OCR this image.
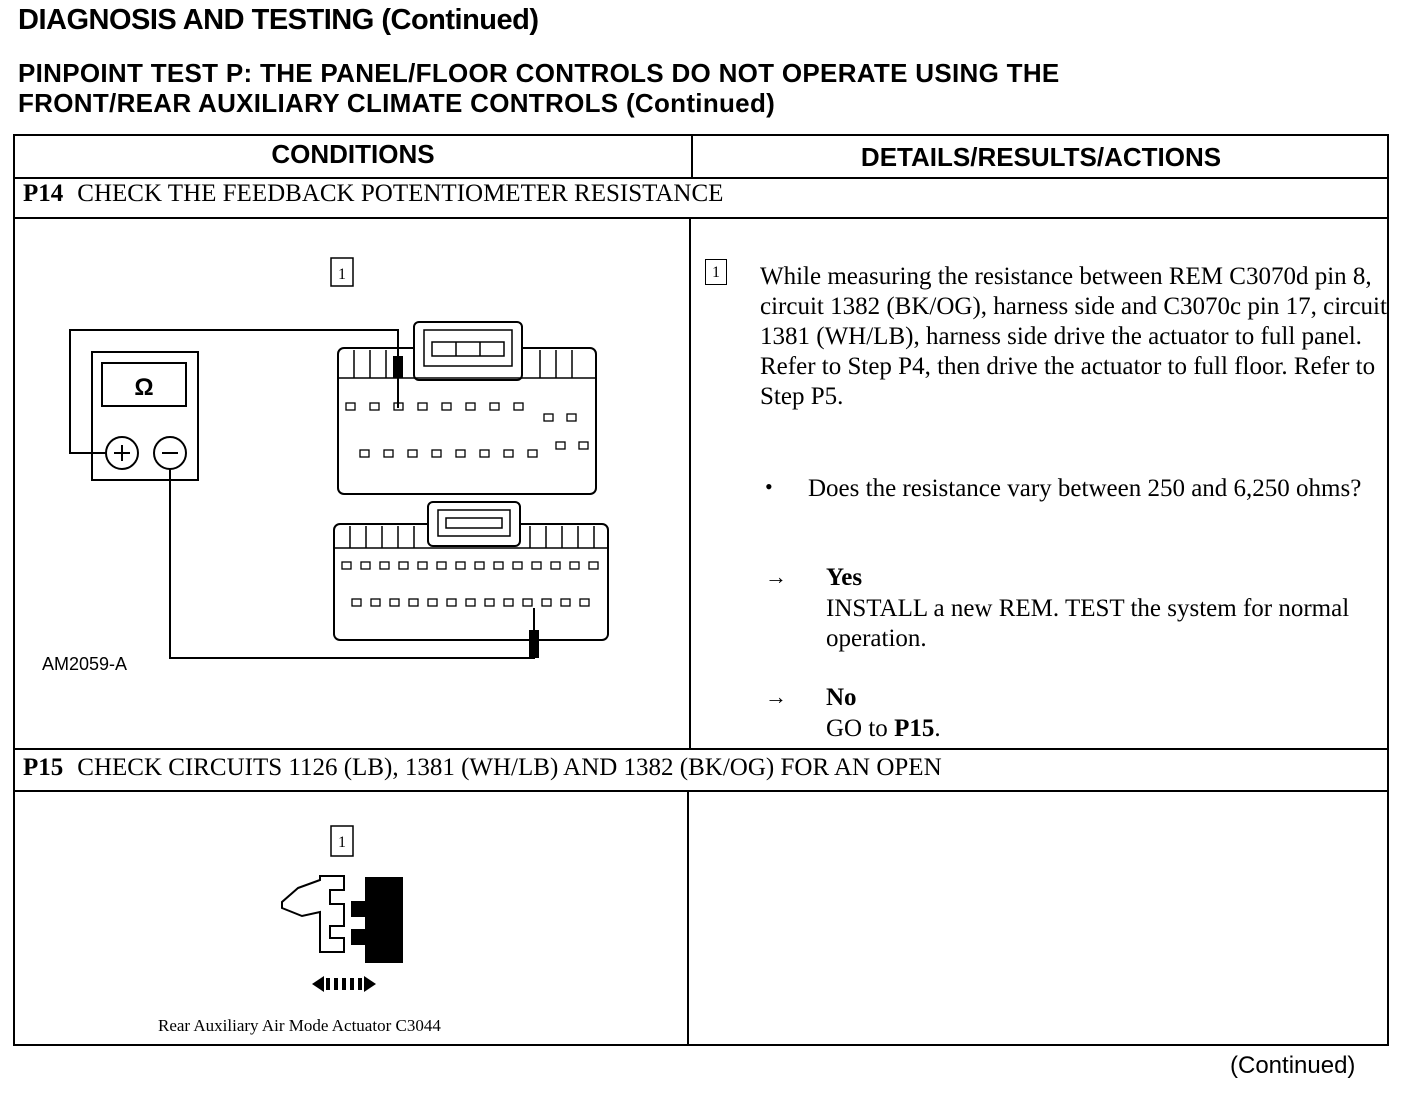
DIAGNOSIS AND TESTING (Continued)
PINPOINT TEST P: THE PANEL/FLOOR CONTROLS DO NOT OPERATE USING THE
FRONT/REAR AUXILIARY CLIMATE CONTROLS (Continued)
CONDITIONS	DETAILS/RESULTS/ACTIONS
P14 CHECK THE FEEDBACK POTENTIOMETER RESISTANCE
P15 CHECK CIRCUITS 1126 (LB), 1381 (WH/LB) AND 1382 (BK/OG) FOR AN OPEN
1
Ω
AM2059-A
1 While measuring the resistance between REM C3070d pin 8, circuit 1382 (BK/OG), harness side and C3070c pin 17, circuit 1381 (WH/LB), harness side drive the actuator to full panel. Refer to Step P4, then drive the actuator to full floor. Refer to Step P5.
• Does the resistance vary between 250 and 6,250 ohms?
→ Yes
INSTALL a new REM. TEST the system for normal operation.
→ No
GO to P15.
1
Rear Auxiliary Air Mode Actuator C3044
(Continued)
